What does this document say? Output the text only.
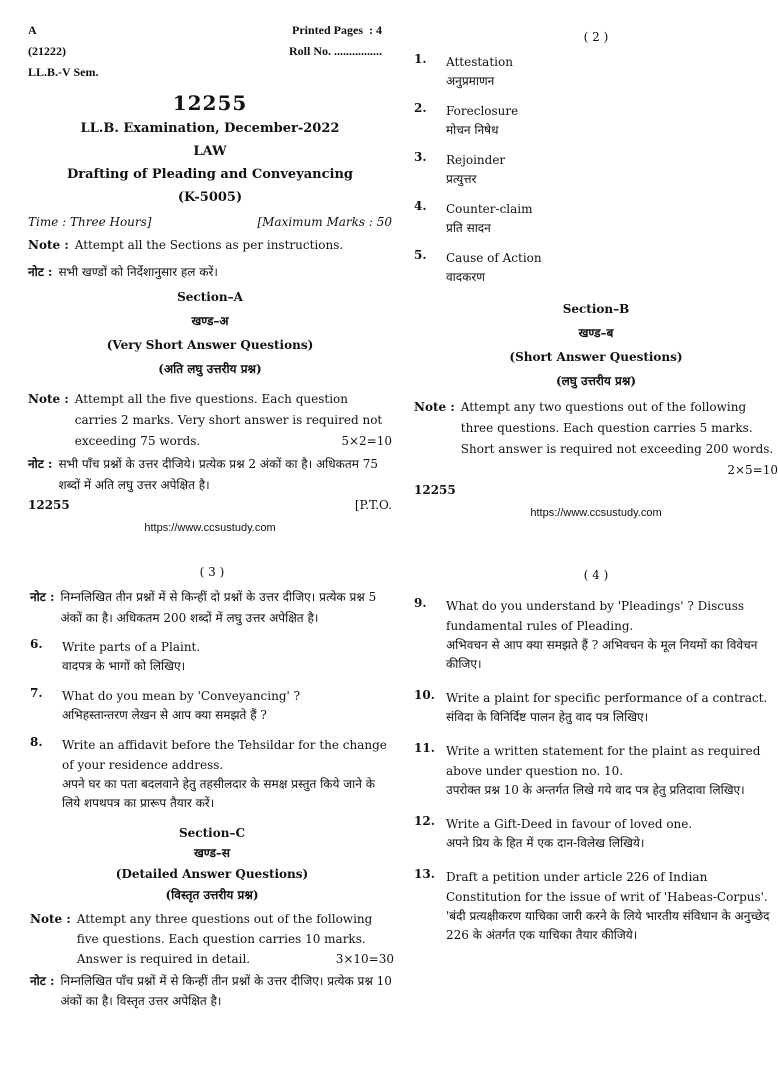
A	Printed Pages : 4
(21222)	Roll No. ................
LL.B.-V Sem.
12255
LL.B. Examination, December-2022
LAW
Drafting of Pleading and Conveyancing
(K-5005)
Time : Three Hours]	[Maximum Marks : 50
Note : Attempt all the Sections as per instructions.
नोट : सभी खण्डों को निर्देशानुसार हल करें।
Section–A
खण्ड–अ
(Very Short Answer Questions)
(अति लघु उत्तरीय प्रश्न)
Note : Attempt all the five questions. Each question carries 2 marks. Very short answer is required not exceeding 75 words.	5×2=10
नोट : सभी पाँच प्रश्नों के उत्तर दीजिये। प्रत्येक प्रश्न 2 अंकों का है। अधिकतम 75 शब्दों में अति लघु उत्तर अपेक्षित है।
12255	[P.T.O.
https://www.ccsustudy.com
( 2 )
1.	Attestation
अनुप्रमाणन
2.	Foreclosure
मोचन निषेध
3.	Rejoinder
प्रत्युत्तर
4.	Counter-claim
प्रति सादन
5.	Cause of Action
वादकरण
Section–B
खण्ड–ब
(Short Answer Questions)
(लघु उत्तरीय प्रश्न)
Note : Attempt any two questions out of the following three questions. Each question carries 5 marks. Short answer is required not exceeding 200 words.
2×5=10
12255
https://www.ccsustudy.com
( 3 )
नोट : निम्नलिखित तीन प्रश्नों में से किन्हीं दो प्रश्नों के उत्तर दीजिए। प्रत्येक प्रश्न 5 अंकों का है। अधिकतम 200 शब्दों में लघु उत्तर अपेक्षित है।
6.	Write parts of a Plaint.
वादपत्र के भागों को लिखिए।
7.	What do you mean by 'Conveyancing' ?
अभिहस्तान्तरण लेखन से आप क्या समझते हैं ?
8.	Write an affidavit before the Tehsildar for the change of your residence address.
अपने घर का पता बदलवाने हेतु तहसीलदार के समक्ष प्रस्तुत किये जाने के लिये शपथपत्र का प्रारूप तैयार करें।
Section–C
खण्ड–स
(Detailed Answer Questions)
(विस्तृत उत्तरीय प्रश्न)
Note : Attempt any three questions out of the following five questions. Each question carries 10 marks. Answer is required in detail.	3×10=30
नोट : निम्नलिखित पाँच प्रश्नों में से किन्हीं तीन प्रश्नों के उत्तर दीजिए। प्रत्येक प्रश्न 10 अंकों का है। विस्तृत उत्तर अपेक्षित है।
( 4 )
9.	What do you understand by 'Pleadings' ? Discuss fundamental rules of Pleading.
अभिवचन से आप क्या समझते हैं ? अभिवचन के मूल नियमों का विवेचन कीजिए।
10. Write a plaint for specific performance of a contract.
संविदा के विनिर्दिष्ट पालन हेतु वाद पत्र लिखिए।
11. Write a written statement for the plaint as required above under question no. 10.
उपरोक्त प्रश्न 10 के अन्तर्गत लिखे गये वाद पत्र हेतु प्रतिदावा लिखिए।
12. Write a Gift-Deed in favour of loved one.
अपने प्रिय के हित में एक दान-विलेख लिखिये।
13. Draft a petition under article 226 of Indian Constitution for the issue of writ of 'Habeas-Corpus'.
'बंदी प्रत्यक्षीकरण याचिका जारी करने के लिये भारतीय संविधान के अनुच्छेद 226 के अंतर्गत एक याचिका तैयार कीजिये।
